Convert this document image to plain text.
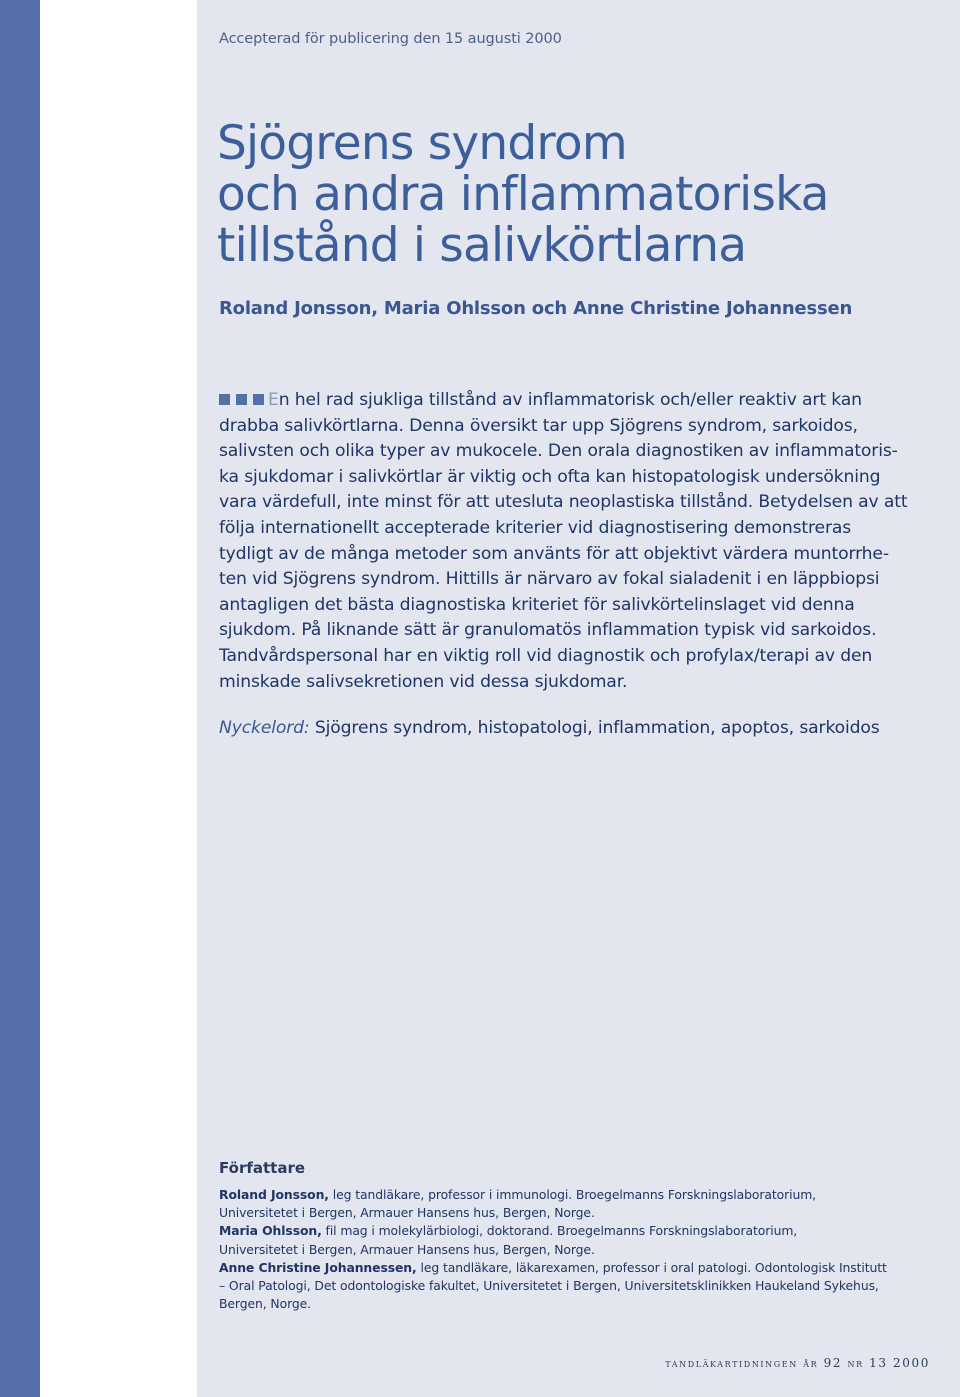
Accepterad för publicering den 15 augusti 2000
Sjögrens syndrom
och andra inflammatoriska
tillstånd i salivkörtlarna
Roland Jonsson, Maria Ohlsson och Anne Christine Johannessen
En hel rad sjukliga tillstånd av inflammatorisk och/eller reaktiv art kan
drabba salivkörtlarna. Denna översikt tar upp Sjögrens syndrom, sarkoidos,
salivsten och olika typer av mukocele. Den orala diagnostiken av inflammatoris-
ka sjukdomar i salivkörtlar är viktig och ofta kan histopatologisk undersökning
vara värdefull, inte minst för att utesluta neoplastiska tillstånd. Betydelsen av att
följa internationellt accepterade kriterier vid diagnostisering demonstreras
tydligt av de många metoder som använts för att objektivt värdera muntorrhe-
ten vid Sjögrens syndrom. Hittills är närvaro av fokal sialadenit i en läppbiopsi
antagligen det bästa diagnostiska kriteriet för salivkörtelinslaget vid denna
sjukdom. På liknande sätt är granulomatös inflammation typisk vid sarkoidos.
Tandvårdspersonal har en viktig roll vid diagnostik och profylax/terapi av den
minskade salivsekretionen vid dessa sjukdomar.
Nyckelord: Sjögrens syndrom, histopatologi, inflammation, apoptos, sarkoidos
Författare
Roland Jonsson, leg tandläkare, professor i immunologi. Broegelmanns Forskningslaboratorium,
Universitetet i Bergen, Armauer Hansens hus, Bergen, Norge.
Maria Ohlsson, fil mag i molekylärbiologi, doktorand. Broegelmanns Forskningslaboratorium,
Universitetet i Bergen, Armauer Hansens hus, Bergen, Norge.
Anne Christine Johannessen, leg tandläkare, läkarexamen, professor i oral patologi. Odontologisk Institutt
– Oral Patologi, Det odontologiske fakultet, Universitetet i Bergen, Universitetsklinikken Haukeland Sykehus,
Bergen, Norge.
tandläkartidningen år 92 nr 13 2000
